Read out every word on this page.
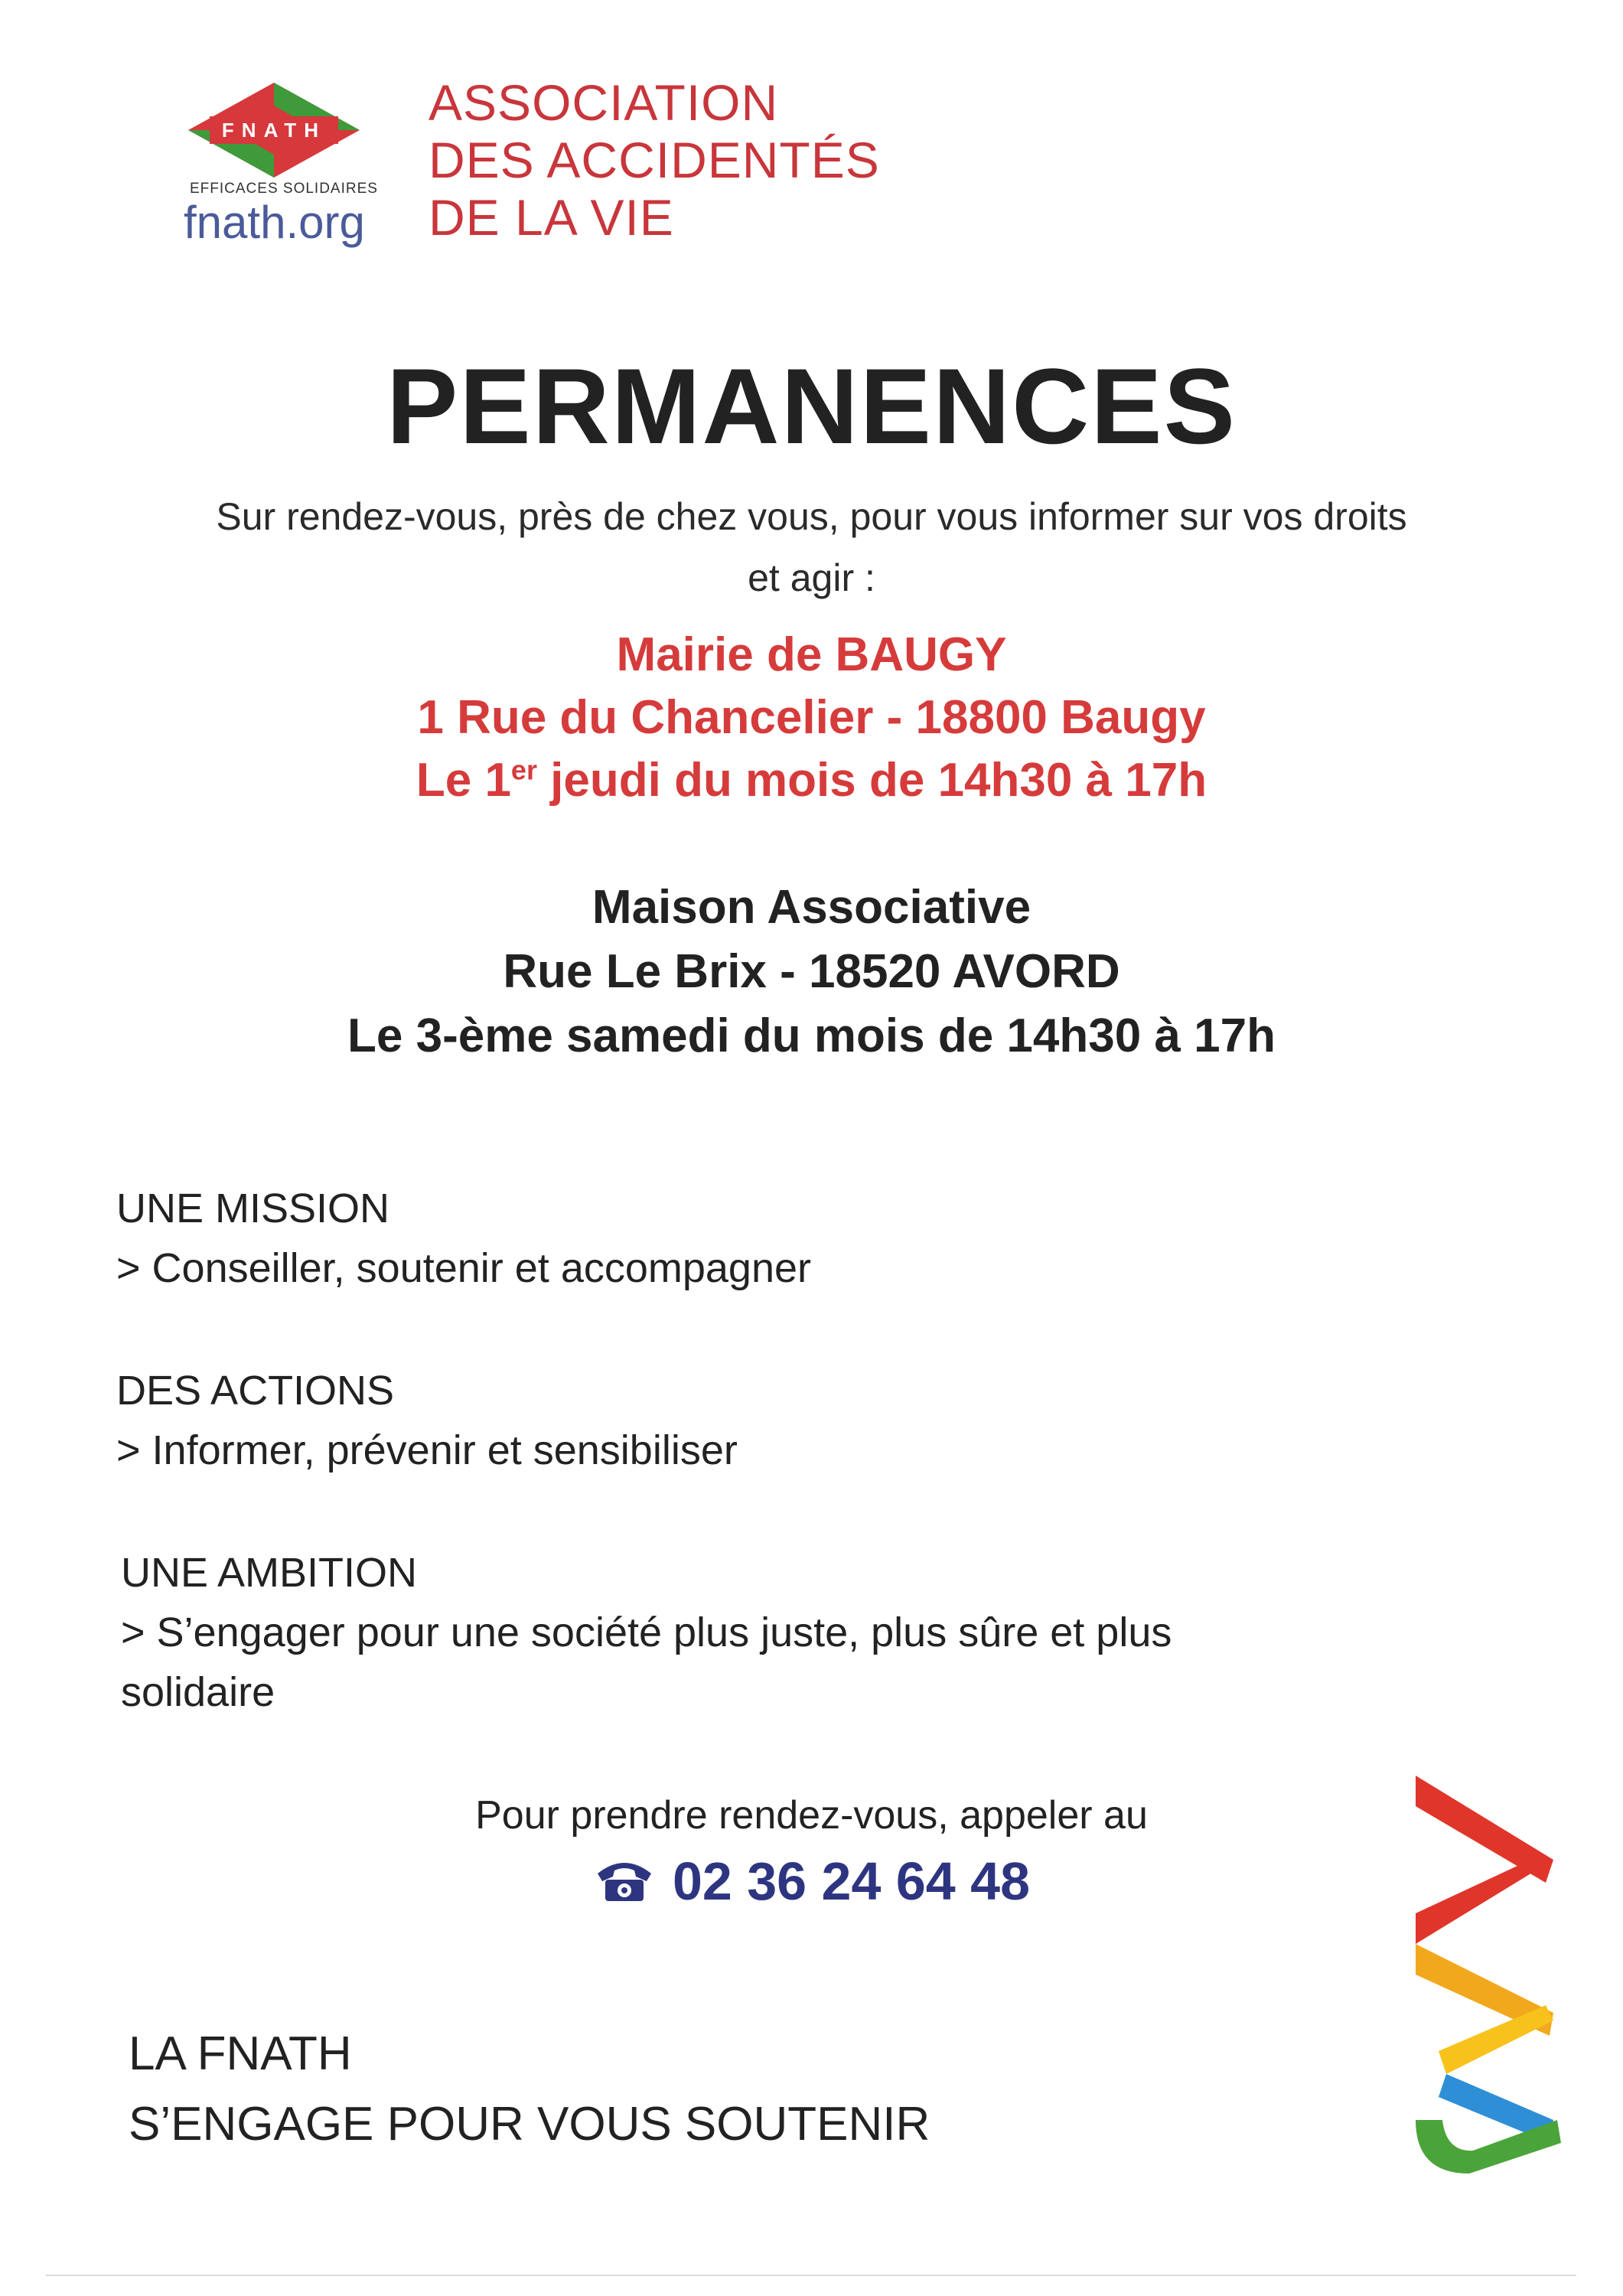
FNATH
EFFICACES SOLIDAIRES
fnath.org
ASSOCIATION
DES ACCIDENTÉS
DE LA VIE
PERMANENCES
Sur rendez-vous, près de chez vous, pour vous informer sur vos droits
et agir :
Mairie de BAUGY
1 Rue du Chancelier - 18800 Baugy
Le 1er jeudi du mois de 14h30 à 17h
Maison Associative
Rue Le Brix - 18520 AVORD
Le 3-ème samedi du mois de 14h30 à 17h
UNE MISSION
> Conseiller, soutenir et accompagner
DES ACTIONS
> Informer, prévenir et sensibiliser
UNE AMBITION
> S’engager pour une société plus juste, plus sûre et plus
solidaire
Pour prendre rendez-vous, appeler au
02 36 24 64 48
LA FNATH
S’ENGAGE POUR VOUS SOUTENIR
